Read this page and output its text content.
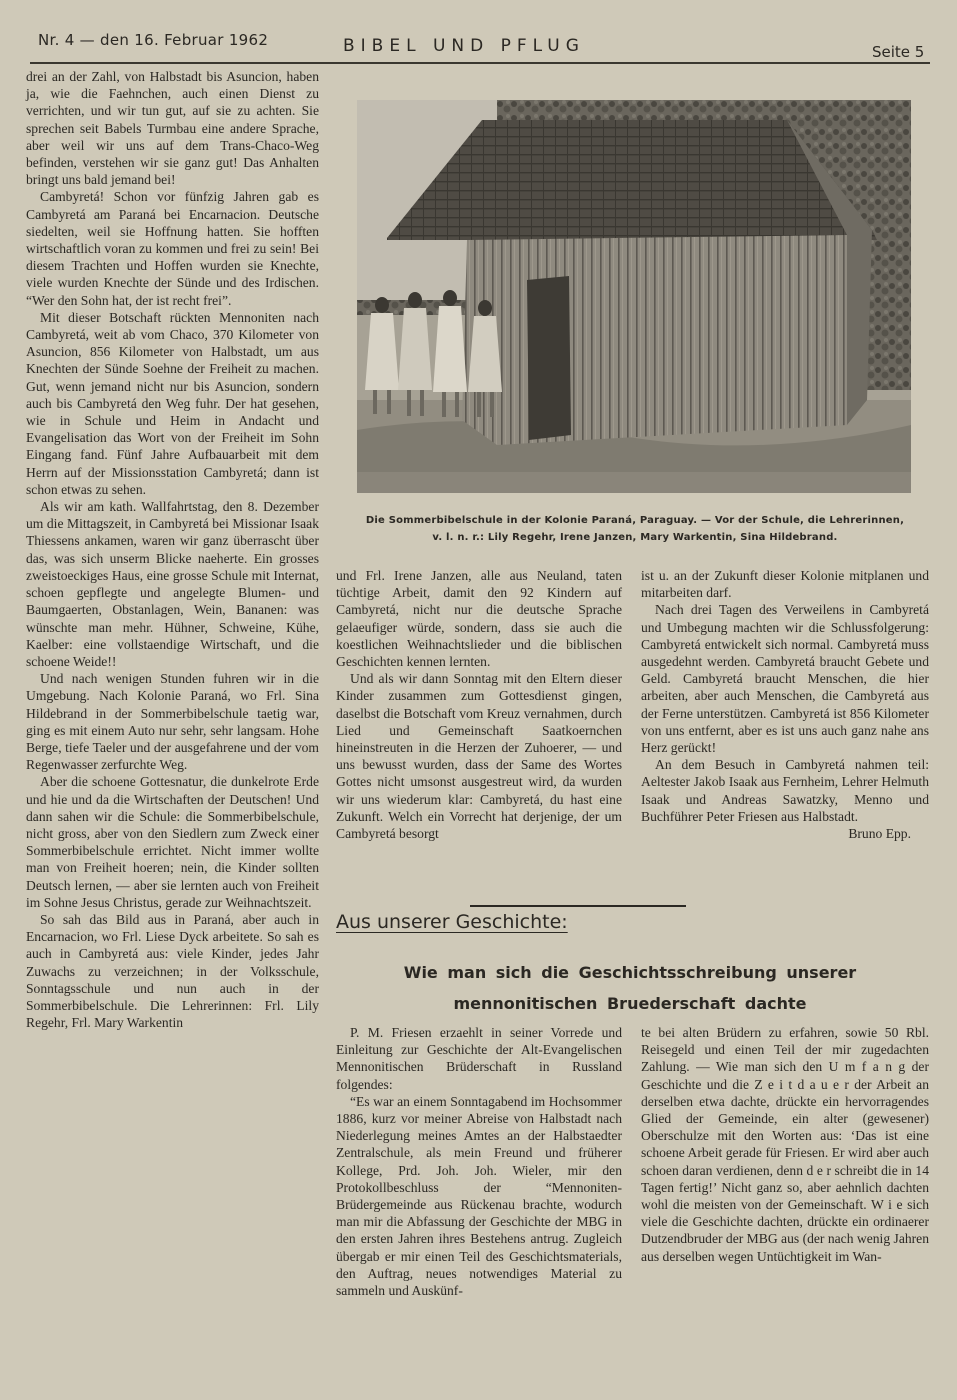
Nr. 4 — den 16. Februar 1962	BIBEL UND PFLUG	Seite 5

drei an der Zahl, von Halbstadt bis Asuncion, haben ja, wie die Faehnchen, auch einen Dienst zu verrichten, und wir tun gut, auf sie zu achten. Sie sprechen seit Babels Turmbau eine andere Sprache, aber weil wir uns auf dem Trans-Chaco-Weg befinden, verstehen wir sie ganz gut! Das Anhalten bringt uns bald jemand bei!

Cambyretá! Schon vor fünfzig Jahren gab es Cambyretá am Paraná bei Encarnacion. Deutsche siedelten, weil sie Hoffnung hatten. Sie hofften wirtschaftlich voran zu kommen und frei zu sein! Bei diesem Trachten und Hoffen wurden sie Knechte, viele wurden Knechte der Sünde und des Irdischen. “Wer den Sohn hat, der ist recht frei”.

Mit dieser Botschaft rückten Mennoniten nach Cambyretá, weit ab vom Chaco, 370 Kilometer von Asuncion, 856 Kilometer von Halbstadt, um aus Knechten der Sünde Soehne der Freiheit zu machen. Gut, wenn jemand nicht nur bis Asuncion, sondern auch bis Cambyretá den Weg fuhr. Der hat gesehen, wie in Schule und Heim in Andacht und Evangelisation das Wort von der Freiheit im Sohn Eingang fand. Fünf Jahre Aufbauarbeit mit dem Herrn auf der Missionsstation Cambyretá; dann ist schon etwas zu sehen.

Als wir am kath. Wallfahrtstag, den 8. Dezember um die Mittagszeit, in Cambyretá bei Missionar Isaak Thiessens ankamen, waren wir ganz überrascht über das, was sich unserm Blicke naeherte. Ein grosses zweistoeckiges Haus, eine grosse Schule mit Internat, schoen gepflegte und angelegte Blumen- und Baumgaerten, Obstanlagen, Wein, Bananen: was wünschte man mehr. Hühner, Schweine, Kühe, Kaelber: eine vollstaendige Wirtschaft, und die schoene Weide!!

Und nach wenigen Stunden fuhren wir in die Umgebung. Nach Kolonie Paraná, wo Frl. Sina Hildebrand in der Sommerbibelschule taetig war, ging es mit einem Auto nur sehr, sehr langsam. Hohe Berge, tiefe Taeler und der ausgefahrene und der vom Regenwasser zerfurchte Weg.

Aber die schoene Gottesnatur, die dunkelrote Erde und hie und da die Wirtschaften der Deutschen! Und dann sahen wir die Schule: die Sommerbibelschule, nicht gross, aber von den Siedlern zum Zweck einer Sommerbibelschule errichtet. Nicht immer wollte man von Freiheit hoeren; nein, die Kinder sollten Deutsch lernen, — aber sie lernten auch von Freiheit im Sohne Jesus Christus, gerade zur Weihnachtszeit.

So sah das Bild aus in Paraná, aber auch in Encarnacion, wo Frl. Liese Dyck arbeitete. So sah es auch in Cambyretá aus: viele Kinder, jedes Jahr Zuwachs zu verzeichnen; in der Volksschule, Sonntagsschule und nun auch in der Sommerbibelschule. Die Lehrerinnen: Frl. Lily Regehr, Frl. Mary Warkentin

Die Sommerbibelschule in der Kolonie Paraná, Paraguay. — Vor der Schule, die Lehrerinnen, v. l. n. r.: Lily Regehr, Irene Janzen, Mary Warkentin, Sina Hildebrand.

und Frl. Irene Janzen, alle aus Neuland, taten tüchtige Arbeit, damit den 92 Kindern auf Cambyretá, nicht nur die deutsche Sprache gelaeufiger würde, sondern, dass sie auch die koestlichen Weihnachtslieder und die biblischen Geschichten kennen lernten.

Und als wir dann Sonntag mit den Eltern dieser Kinder zusammen zum Gottesdienst gingen, daselbst die Botschaft vom Kreuz vernahmen, durch Lied und Gemeinschaft Saatkoernchen hineinstreuten in die Herzen der Zuhoerer, — und uns bewusst wurden, dass der Same des Wortes Gottes nicht umsonst ausgestreut wird, da wurden wir uns wiederum klar: Cambyretá, du hast eine Zukunft. Welch ein Vorrecht hat derjenige, der um Cambyretá besorgt

ist u. an der Zukunft dieser Kolonie mitplanen und mitarbeiten darf.

Nach drei Tagen des Verweilens in Cambyretá und Umbegung machten wir die Schlussfolgerung: Cambyretá entwickelt sich normal. Cambyretá muss ausgedehnt werden. Cambyretá braucht Gebete und Geld. Cambyretá braucht Menschen, die hier arbeiten, aber auch Menschen, die Cambyretá aus der Ferne unterstützen. Cambyretá ist 856 Kilometer von uns entfernt, aber es ist uns auch ganz nahe ans Herz gerückt!

An dem Besuch in Cambyretá nahmen teil: Aeltester Jakob Isaak aus Fernheim, Lehrer Helmuth Isaak und Andreas Sawatzky, Menno und Buchführer Peter Friesen aus Halbstadt.

Bruno Epp.

Aus unserer Geschichte:
Wie man sich die Geschichtsschreibung unserer mennonitischen Bruederschaft dachte

P. M. Friesen erzaehlt in seiner Vorrede und Einleitung zur Geschichte der Alt-Evangelischen Mennonitischen Brüderschaft in Russland folgendes:

“Es war an einem Sonntagabend im Hochsommer 1886, kurz vor meiner Abreise von Halbstadt nach Niederlegung meines Amtes an der Halbstaedter Zentralschule, als mein Freund und früherer Kollege, Prd. Joh. Joh. Wieler, mir den Protokollbeschluss der “Mennoniten-Brüdergemeinde aus Rückenau brachte, wodurch man mir die Abfassung der Geschichte der MBG in den ersten Jahren ihres Bestehens antrug. Zugleich übergab er mir einen Teil des Geschichtsmaterials, den Auftrag, neues notwendiges Material zu sammeln und Auskünf-

te bei alten Brüdern zu erfahren, sowie 50 Rbl. Reisegeld und einen Teil der mir zugedachten Zahlung. — Wie man sich den U m f a n g der Geschichte und die Z e i t d a u e r der Arbeit an derselben etwa dachte, drückte ein hervorragendes Glied der Gemeinde, ein alter (gewesener) Oberschulze mit den Worten aus: ‘Das ist eine schoene Arbeit gerade für Friesen. Er wird aber auch schoen daran verdienen, denn d e r schreibt die in 14 Tagen fertig!’ Nicht ganz so, aber aehnlich dachten wohl die meisten von der Gemeinschaft. W i e sich viele die Geschichte dachten, drückte ein ordinaerer Dutzendbruder der MBG aus (der nach wenig Jahren aus derselben wegen Untüchtigkeit im Wan-
